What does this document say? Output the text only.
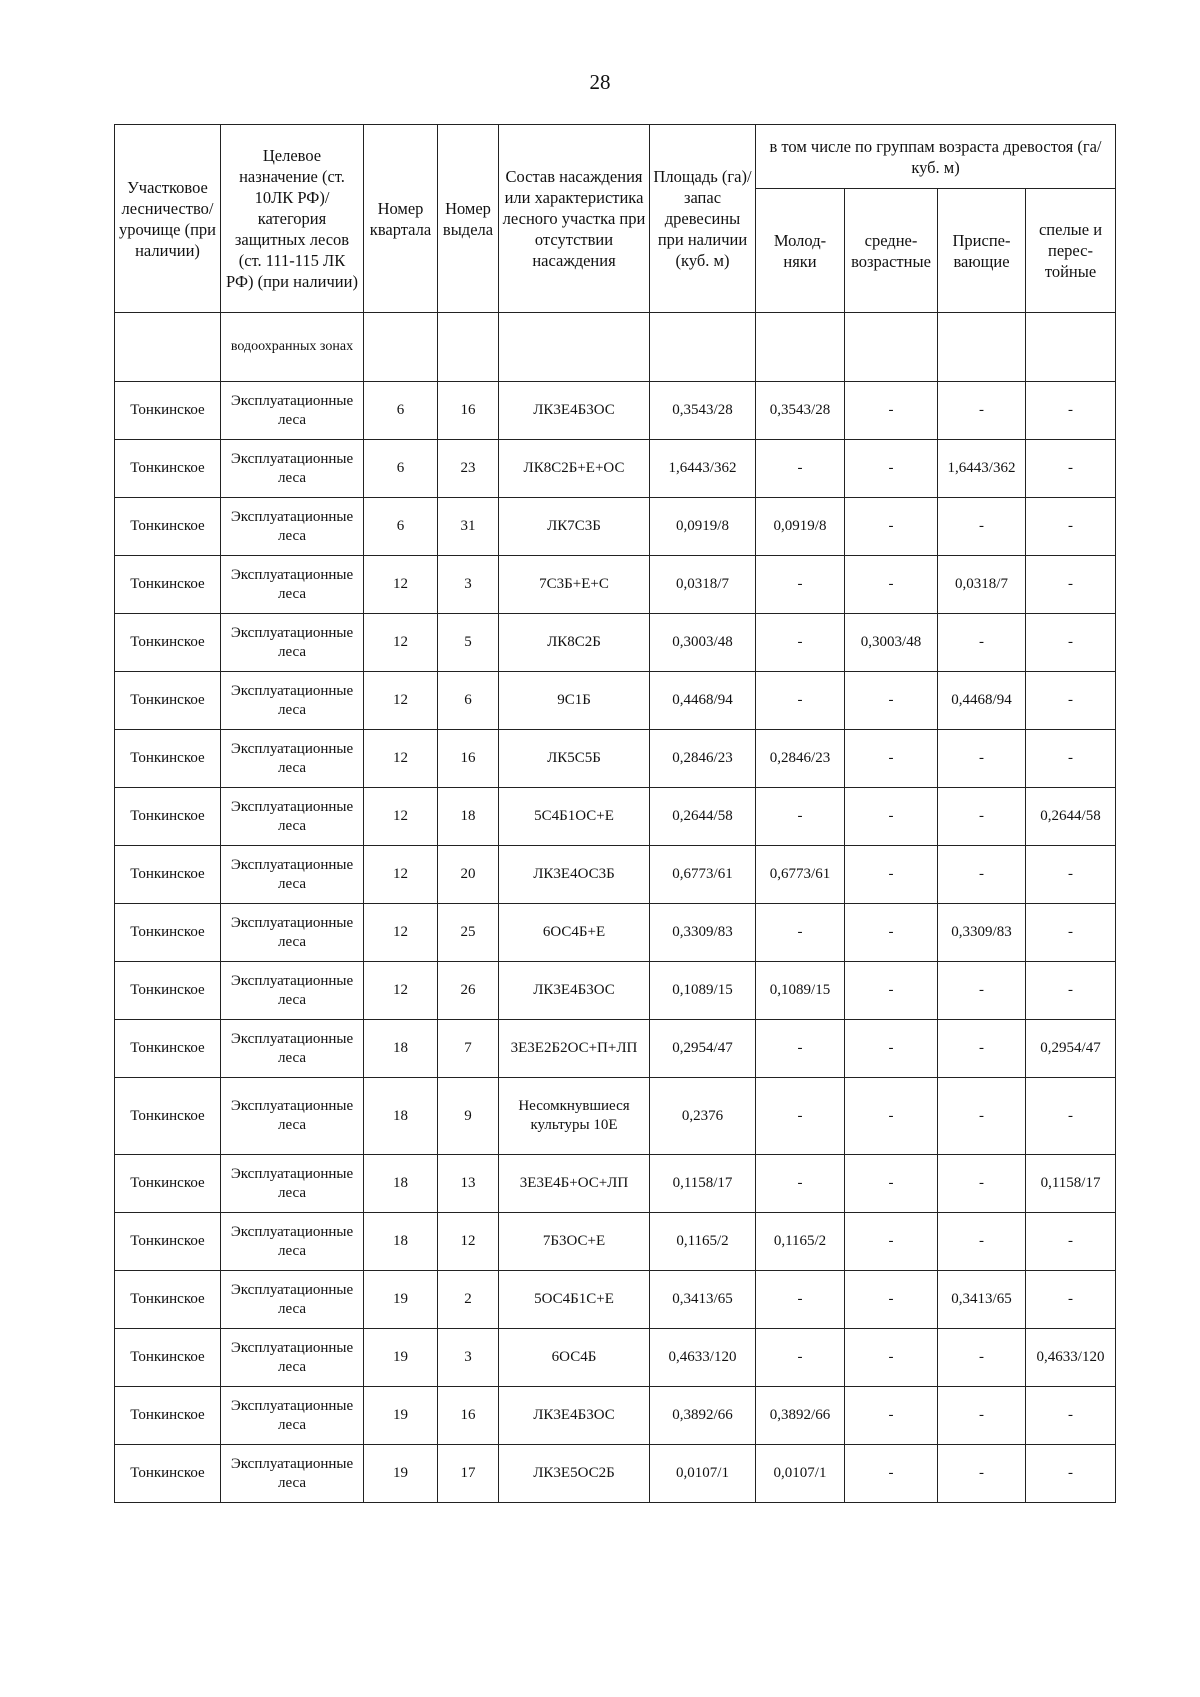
28
Участковое лесничество/ урочище (при наличии)	Целевое назначение (ст. 10ЛК РФ)/ категория защитных лесов (ст. 111-115 ЛК РФ) (при наличии)	Номер квартала	Номер выдела	Состав насаждения или характеристика лесного участка при отсутствии насаждения	Площадь (га)/ запас древесины при наличии (куб. м)	в том числе по группам возраста древостоя (га/куб. м)			
						Молод-няки	средне-возрастные	Приспе-вающие	спелые и перес-тойные
	водоохранных зонах								
Тонкинское	Эксплуатационные леса	6	16	ЛК3Е4Б3ОС	0,3543/28	0,3543/28	-	-	-
Тонкинское	Эксплуатационные леса	6	23	ЛК8С2Б+Е+ОС	1,6443/362	-	-	1,6443/362	-
Тонкинское	Эксплуатационные леса	6	31	ЛК7С3Б	0,0919/8	0,0919/8	-	-	-
Тонкинское	Эксплуатационные леса	12	3	7С3Б+Е+С	0,0318/7	-	-	0,0318/7	-
Тонкинское	Эксплуатационные леса	12	5	ЛК8С2Б	0,3003/48	-	0,3003/48	-	-
Тонкинское	Эксплуатационные леса	12	6	9С1Б	0,4468/94	-	-	0,4468/94	-
Тонкинское	Эксплуатационные леса	12	16	ЛК5С5Б	0,2846/23	0,2846/23	-	-	-
Тонкинское	Эксплуатационные леса	12	18	5С4Б1ОС+Е	0,2644/58	-	-	-	0,2644/58
Тонкинское	Эксплуатационные леса	12	20	ЛК3Е4ОС3Б	0,6773/61	0,6773/61	-	-	-
Тонкинское	Эксплуатационные леса	12	25	6ОС4Б+Е	0,3309/83	-	-	0,3309/83	-
Тонкинское	Эксплуатационные леса	12	26	ЛК3Е4Б3ОС	0,1089/15	0,1089/15	-	-	-
Тонкинское	Эксплуатационные леса	18	7	3Е3Е2Б2ОС+П+ЛП	0,2954/47	-	-	-	0,2954/47
Тонкинское	Эксплуатационные леса	18	9	Несомкнувшиеся культуры 10Е	0,2376	-	-	-	-
Тонкинское	Эксплуатационные леса	18	13	3Е3Е4Б+ОС+ЛП	0,1158/17	-	-	-	0,1158/17
Тонкинское	Эксплуатационные леса	18	12	7Б3ОС+Е	0,1165/2	0,1165/2	-	-	-
Тонкинское	Эксплуатационные леса	19	2	5ОС4Б1С+Е	0,3413/65	-	-	0,3413/65	-
Тонкинское	Эксплуатационные леса	19	3	6ОС4Б	0,4633/120	-	-	-	0,4633/120
Тонкинское	Эксплуатационные леса	19	16	ЛК3Е4Б3ОС	0,3892/66	0,3892/66	-	-	-
Тонкинское	Эксплуатационные леса	19	17	ЛК3Е5ОС2Б	0,0107/1	0,0107/1	-	-	-
